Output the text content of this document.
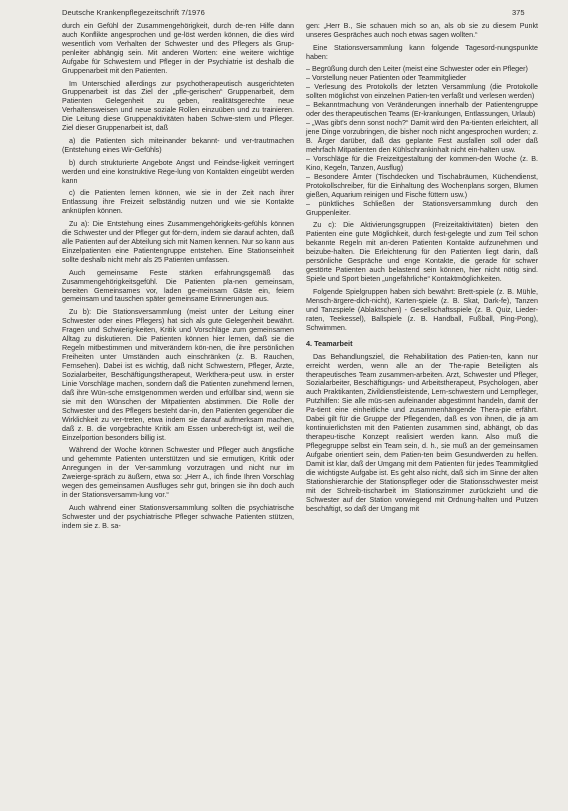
Deutsche Krankenpflegezeitschrift 7/1976	375

durch ein Gefühl der Zusammengehörigkeit, durch de-ren Hilfe dann auch Konflikte angesprochen und ge-löst werden können, die dies wird wesentlich vom Verhalten der Schwester und des Pflegers als Grup-penleiter abhängig sein. Mit anderen Worten: eine weitere wichtige Aufgabe für Schwestern und Pfleger in der Psychiatrie ist deshalb die Gruppenarbeit mit den Patienten.

Im Unterschied allerdings zur psychotherapeutisch ausgerichteten Gruppenarbeit ist das Ziel der „pfle-gerischen“ Gruppenarbeit, dem Patienten Gelegenheit zu geben, realitätsgerechte neue Verhaltensweisen und neue soziale Rollen einzuüben und zu trainieren. Die Leitung diese Gruppenaktivitäten haben Schwe-stern und Pfleger. Ziel dieser Gruppenarbeit ist, daß

a) die Patienten sich miteinander bekannt- und ver-trautmachen (Entstehung eines Wir-Gefühls)

b) durch strukturierte Angebote Angst und Feindse-ligkeit verringert werden und eine konstruktive Rege-lung von Kontakten eingeübt werden kann

c) die Patienten lernen können, wie sie in der Zeit nach ihrer Entlassung ihre Freizeit selbständig nutzen und wie sie Kontakte anknüpfen können.

Zu a): Die Entstehung eines Zusammengehörigkeits-gefühls können die Schwester und der Pfleger gut för-dern, indem sie darauf achten, daß alle Patienten auf der Abteilung sich mit Namen kennen. Nur so kann aus Einzelpatienten eine Patientengruppe entstehen. Eine Stationseinheit sollte deshalb nicht mehr als 25 Patienten umfassen.

Auch gemeinsame Feste stärken erfahrungsgemäß das Zusammengehörigkeitsgefühl. Die Patienten pla-nen gemeinsam, bereiten Gemeinsames vor, laden ge-meinsam Gäste ein, feiern gemeinsam und tauschen später gemeinsame Erinnerungen aus.

Zu b): Die Stationsversammlung (meist unter der Leitung einer Schwester oder eines Pflegers) hat sich als gute Gelegenheit bewährt. Fragen und Schwierig-keiten, Kritik und Vorschläge zum gemeinsamen Alltag zu diskutieren. Die Patienten können hier lernen, daß sie die Regeln mitbestimmen und mitverändern kön-nen, die ihre persönlichen Freiheiten unter Umständen auch einschränken (z. B. Rauchen, Fernsehen). Dabei ist es wichtig, daß nicht Schwestern, Pfleger, Ärzte, Sozialarbeiter, Beschäftigungstherapeut, Werkthera-peut usw. in erster Linie Vorschläge machen, sondern daß die Patienten zunehmend lernen, daß ihre Wün-sche ernstgenommen werden und erfüllbar sind, wenn sie sie mit den Wünschen der Mitpatienten abstimmen. Die Rolle der Schwester und des Pflegers besteht dar-in, den Patienten gegenüber die Wirklichkeit zu ver-treten, etwa indem sie darauf aufmerksam machen, daß z. B. die vorgebrachte Kritik am Essen unberech-tigt ist, weil die Einzelportion besonders billig ist.

Während der Woche können Schwester und Pfleger auch ängstliche und gehemmte Patienten unterstützen und sie ermutigen, Kritik oder Anregungen in der Ver-sammlung vorzutragen und nicht nur im Zweierge-spräch zu äußern, etwa so: „Herr A., ich finde Ihren Vorschlag wegen des gemeinsamen Ausfluges sehr gut, bringen sie ihn doch auch in der Stationsversamm-lung vor.“

Auch während einer Stationsversammlung sollten die psychiatrische Schwester und der psychiatrische Pfleger schwache Patienten stützen, indem sie z. B. sa-

gen: „Herr B., Sie schauen mich so an, als ob sie zu diesem Punkt unseres Gespräches auch noch etwas sagen wollten.“

Eine Stationsversammlung kann folgende Tagesord-nungspunkte haben:

– Begrüßung durch den Leiter (meist eine Schwester oder ein Pfleger)
– Vorstellung neuer Patienten oder Teammitglieder
– Verlesung des Protokolls der letzten Versammlung (die Protokolle sollten möglichst von einzelnen Patien-ten verfaßt und verlesen werden)
– Bekanntmachung von Veränderungen innerhalb der Patientengruppe oder des therapeutischen Teams (Er-krankungen, Entlassungen, Urlaub)
– „Was gibt's denn sonst noch?“ Damit wird den Pa-tienten erleichtert, all jene Dinge vorzubringen, die bisher noch nicht angesprochen wurden; z. B. Ärger darüber, daß das geplante Fest ausfallen soll oder daß mehrfach Mitpatienten den Kühlschrankinhalt nicht ein-halten usw.
– Vorschläge für die Freizeitgestaltung der kommen-den Woche (z. B. Kino, Kegeln, Tanzen, Ausflug)
– Besondere Ämter (Tischdecken und Tischabräumen, Küchendienst, Protokollschreiber, für die Einhaltung des Wochenplans sorgen, Blumen gießen, Aquarium reinigen und Fische füttern usw.)
– pünktliches Schließen der Stationsversammlung durch den Gruppenleiter.

Zu c): Die Aktivierungsgruppen (Freizeitaktivitäten) bieten den Patienten eine gute Möglichkeit, durch fest-gelegte und zum Teil schon bekannte Regeln mit an-deren Patienten Kontakte aufzunehmen und beizube-halten. Die Erleichterung für den Patienten liegt darin, daß persönliche Gespräche und enge Kontakte, die gerade für schwer gestörte Patienten auch belastend sein können, hier nicht nötig sind. Spiele und Sport bieten „ungefährliche“ Kontaktmöglichkeiten.

Folgende Spielgruppen haben sich bewährt: Brett-spiele (z. B. Mühle, Mensch-ärgere-dich-nicht), Karten-spiele (z. B. Skat, Dark-fe), Tanzen und Tanzspiele (Ablaktschen) - Gesellschaftsspiele (z. B. Quiz, Lieder-raten, Teekessel), Ballspiele (z. B. Handball, Fußball, Ping-Pong), Schwimmen.

4. Teamarbeit

Das Behandlungsziel, die Rehabilitation des Patien-ten, kann nur erreicht werden, wenn alle an der The-rapie Beteiligten als therapeutisches Team zusammen-arbeiten. Arzt, Schwester und Pfleger, Sozialarbeiter, Beschäftigungs- und Arbeitstherapeut, Psychologen, aber auch Praktikanten, Zivildienstleistende, Lern-schwestern und Lernpfleger, Putzhilfen: Sie alle müs-sen aufeinander abgestimmt handeln, damit der Pa-tient eine einheitliche und zusammenhängende Thera-pie erfährt. Dabei gilt für die Gruppe der Pflegenden, daß es von ihnen, die ja am kontinuierlichsten mit den Patienten zusammen sind, abhängt, ob das therapeu-tische Konzept realisiert werden kann. Also muß die Pflegegruppe selbst ein Team sein, d. h., sie muß an der gemeinsamen Aufgabe orientiert sein, dem Patien-ten beim Gesundwerden zu helfen. Damit ist klar, daß der Umgang mit dem Patienten für jedes Teammitglied die wichtigste Aufgabe ist. Es geht also nicht, daß sich im Sinne der alten Stationshierarchie der Stationspfleger oder die Stationsschwester meist mit der Schreib-tischarbeit im Stationszimmer zurückzieht und die Schwester auf der Station vorwiegend mit Ordnung-halten und Putzen beschäftigt, so daß der Umgang mit
